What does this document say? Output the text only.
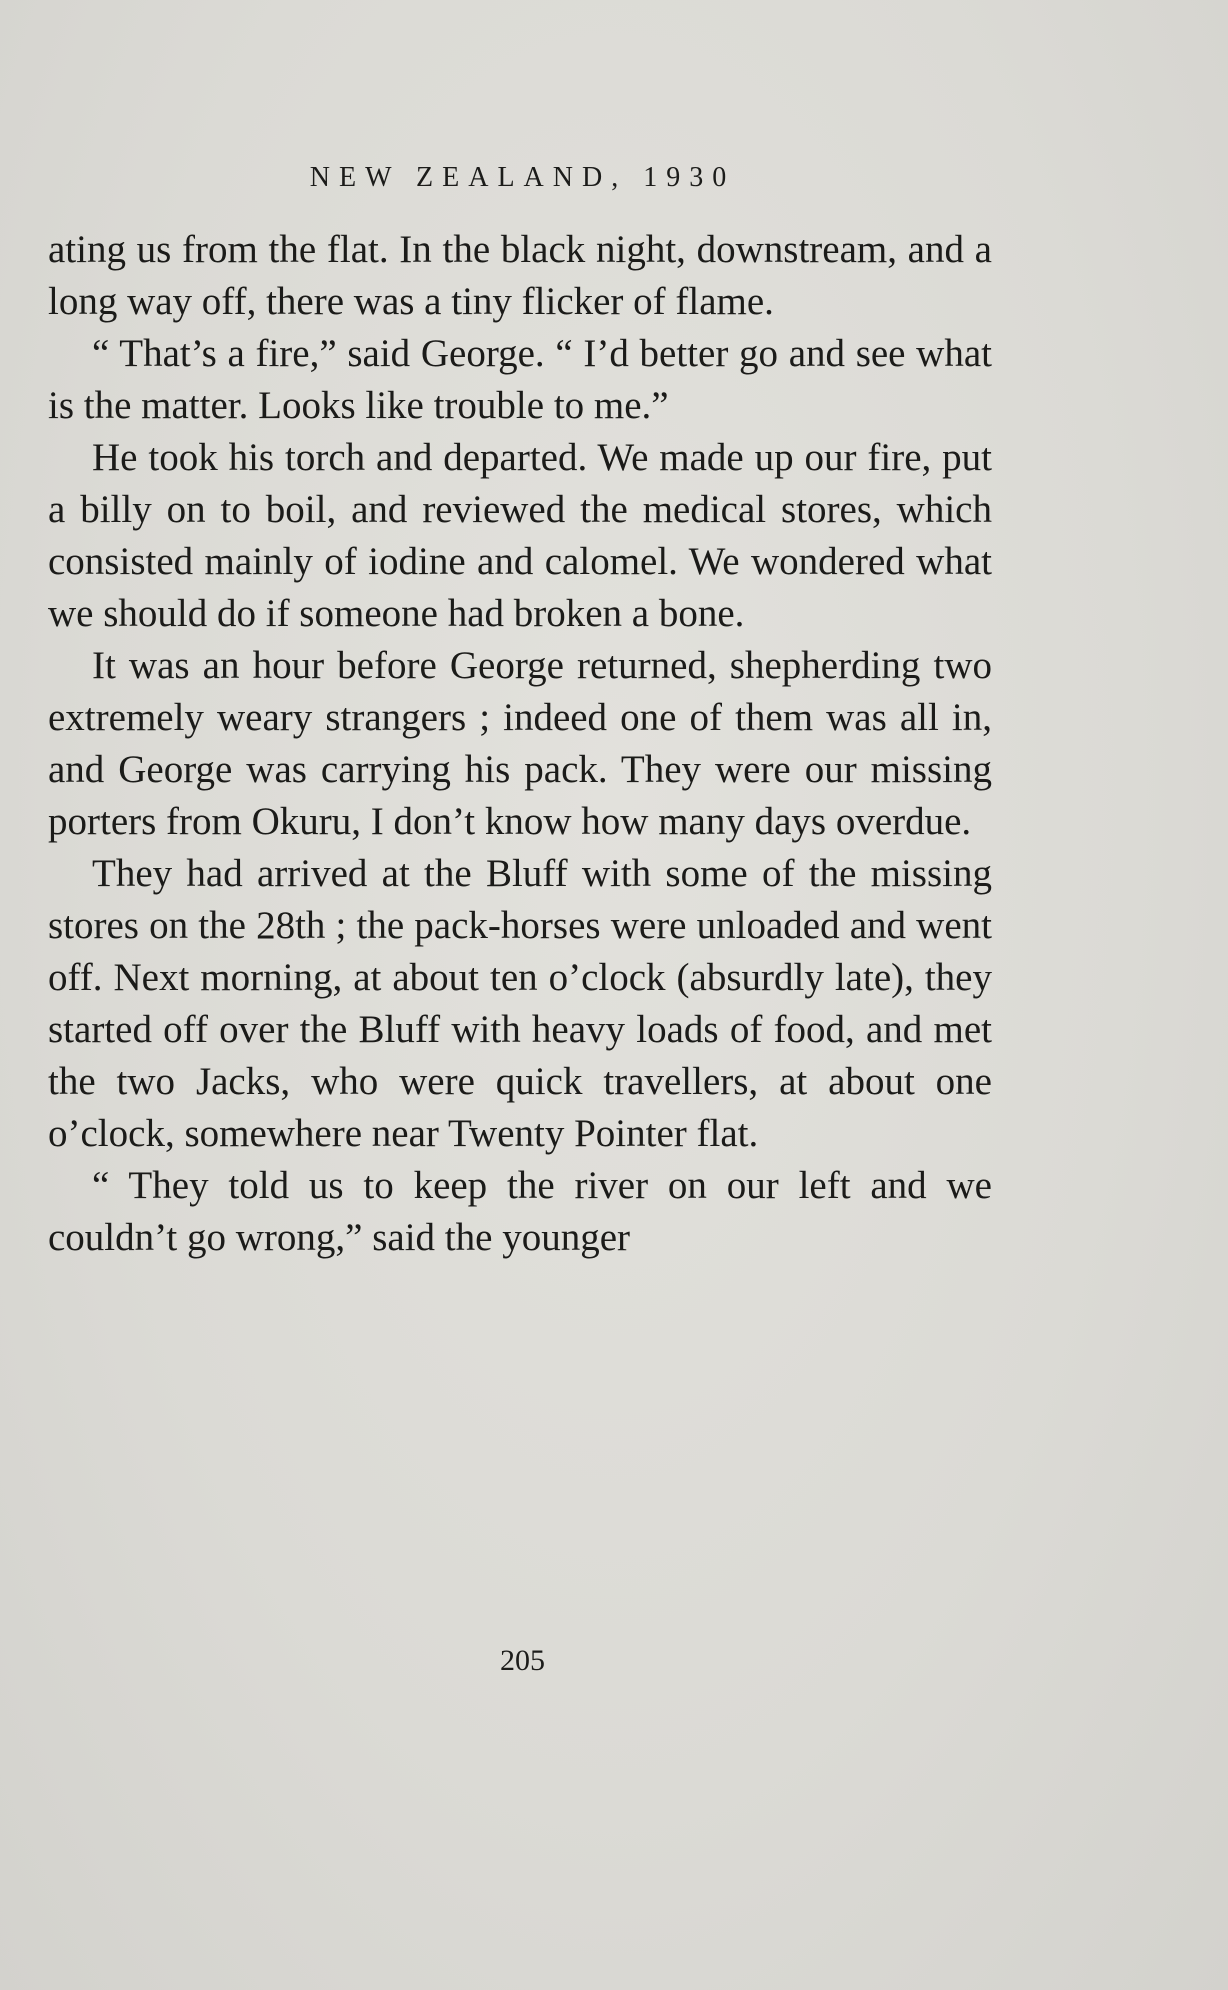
NEW ZEALAND, 1930

ating us from the flat. In the black night, downstream, and a long way off, there was a tiny flicker of flame.

“ That’s a fire,” said George. “ I’d better go and see what is the matter. Looks like trouble to me.”

He took his torch and departed. We made up our fire, put a billy on to boil, and reviewed the medical stores, which consisted mainly of iodine and calomel. We wondered what we should do if someone had broken a bone.

It was an hour before George returned, shepherding two extremely weary strangers ; indeed one of them was all in, and George was carrying his pack. They were our missing porters from Okuru, I don’t know how many days overdue.

They had arrived at the Bluff with some of the missing stores on the 28th ; the pack-horses were unloaded and went off. Next morning, at about ten o’clock (absurdly late), they started off over the Bluff with heavy loads of food, and met the two Jacks, who were quick travellers, at about one o’clock, somewhere near Twenty Pointer flat.

“ They told us to keep the river on our left and we couldn’t go wrong,” said the younger

205
